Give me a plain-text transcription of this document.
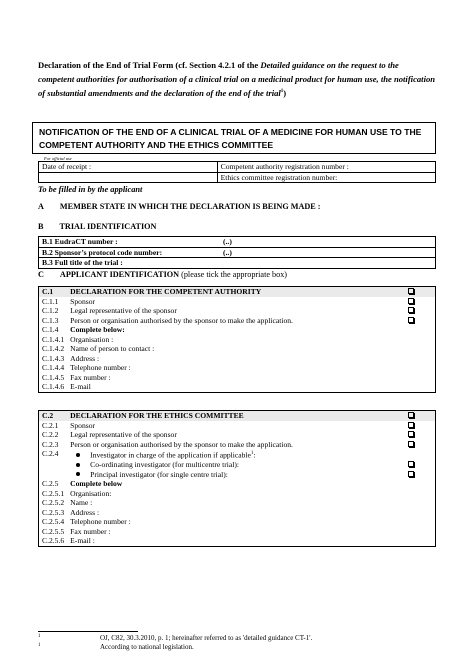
Declaration of the End of Trial Form (cf. Section 4.2.1 of the Detailed guidance on the request to the competent authorities for authorisation of a clinical trial on a medicinal product for human use, the notification of substantial amendments and the declaration of the end of the trial$^1$)
NOTIFICATION OF THE END OF A CLINICAL TRIAL OF A MEDICINE FOR HUMAN USE TO THE COMPETENT AUTHORITY AND THE ETHICS COMMITTEE
For official use
Date of receipt :	Competent authority registration number :
	Ethics committee registration number:
To be filled in by the applicant
A MEMBER STATE IN WHICH THE DECLARATION IS BEING MADE :
B TRIAL IDENTIFICATION
B.1 EudraCT number :	(..)
B.2 Sponsor’s protocol code number:	(..)
B.3 Full title of the trial :	
C APPLICANT IDENTIFICATION (please tick the appropriate box)
C.1	DECLARATION FOR THE COMPETENT AUTHORITY	
C.1.1	Sponsor	
C.1.2	Legal representative of the sponsor	
C.1.3	Person or organisation authorised by the sponsor to make the application.	
C.1.4	Complete below:	
C.1.4.1	Organisation :	
C.1.4.2	Name of person to contact :	
C.1.4.3	Address :	
C.1.4.4	Telephone number :	
C.1.4.5	Fax number :	
C.1.4.6	E-mail	
C.2	DECLARATION FOR THE ETHICS COMMITTEE	
C.2.1	Sponsor	
C.2.2	Legal representative of the sponsor	
C.2.3	Person or organisation authorised by the sponsor to make the application.	
C.2.4	Investigator in charge of the application if applicable$^1$:	
	Co-ordinating investigator (for multicentre trial):	
	Principal investigator (for single centre trial):	
C.2.5	Complete below	
C.2.5.1	Organisation:	
C.2.5.2	Name :	
C.2.5.3	Address :	
C.2.5.4	Telephone number :	
C.2.5.5	Fax number :	
C.2.5.6	E-mail :	
1	OJ, C82, 30.3.2010, p. 1; hereinafter referred to as 'detailed guidance CT-1'.
1	According to national legislation.
